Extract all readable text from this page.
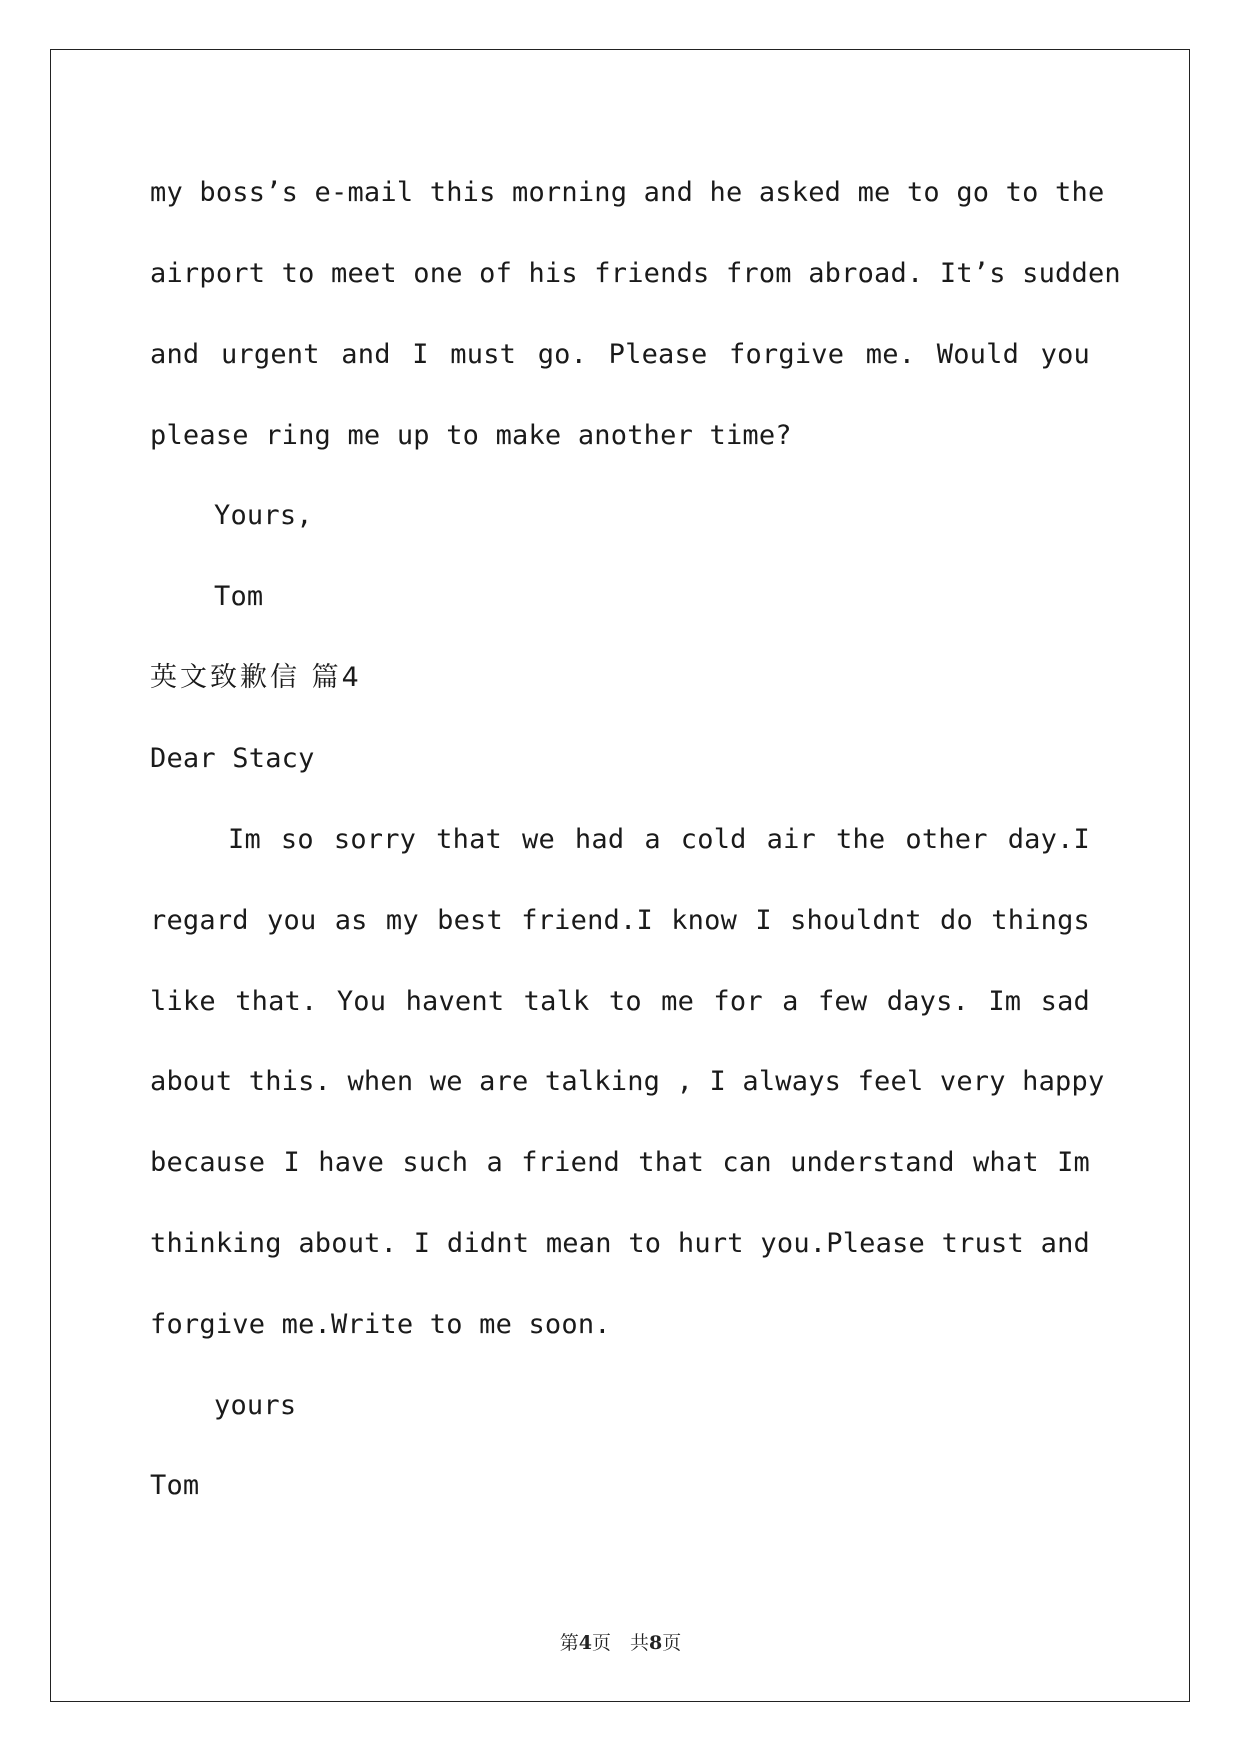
my boss’s e-mail this morning and he asked me to go to the
airport to meet one of his friends from abroad. It’s sudden
and urgent and I must go. Please forgive me. Would you
please ring me up to make another time?
Yours,
Tom
英文致歉信 篇4
Dear Stacy
Im so sorry that we had a cold air the other day.I
regard you as my best friend.I know I shouldnt do things
like that. You havent talk to me for a few days. Im sad
about this. when we are talking , I always feel very happy
because I have such a friend that can understand what Im
thinking about. I didnt mean to hurt you.Please trust and
forgive me.Write to me soon.
yours
Tom
第4页　共8页
